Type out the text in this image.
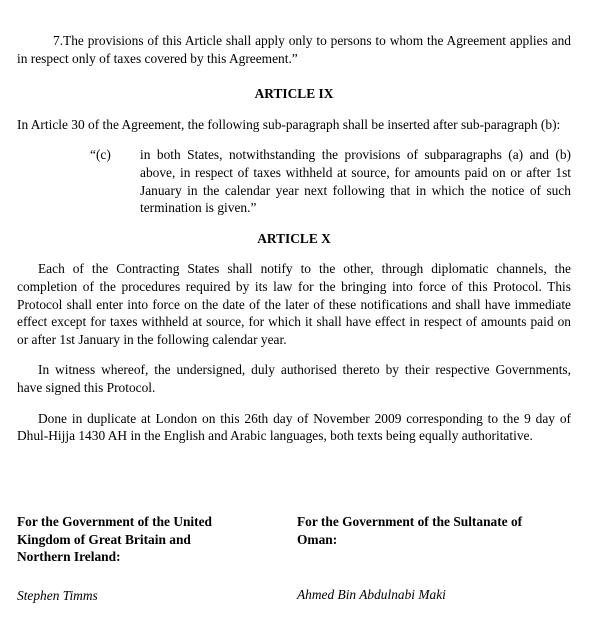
7.The provisions of this Article shall apply only to persons to whom the Agreement applies and in respect only of taxes covered by this Agreement.”

ARTICLE IX

In Article 30 of the Agreement, the following sub-paragraph shall be inserted after sub-paragraph (b):

“(c)	in both States, notwithstanding the provisions of subparagraphs (a) and (b) above, in respect of taxes withheld at source, for amounts paid on or after 1st January in the calendar year next following that in which the notice of such termination is given.”

ARTICLE X

Each of the Contracting States shall notify to the other, through diplomatic channels, the completion of the procedures required by its law for the bringing into force of this Protocol. This Protocol shall enter into force on the date of the later of these notifications and shall have immediate effect except for taxes withheld at source, for which it shall have effect in respect of amounts paid on or after 1st January in the following calendar year.

In witness whereof, the undersigned, duly authorised thereto by their respective Governments, have signed this Protocol.

Done in duplicate at London on this 26th day of November 2009 corresponding to the 9 day of Dhul-Hijja 1430 AH in the English and Arabic languages, both texts being equally authoritative.

For the Government of the United Kingdom of Great Britain and Northern Ireland:

Stephen Timms

For the Government of the Sultanate of Oman:

Ahmed Bin Abdulnabi Maki
